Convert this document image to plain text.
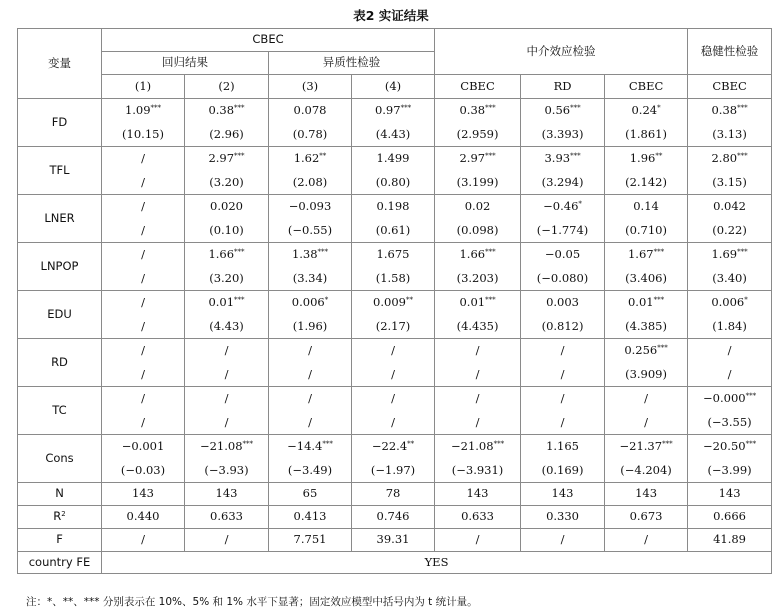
表2 实证结果
变量	CBEC				中介效应检验			稳健性检验
	回归结果		异质性检验					
	(1)	(2)	(3)	(4)	CBEC	RD	CBEC	CBEC
FD	1.09***	0.38***	0.078	0.97***	0.38***	0.56***	0.24*	0.38***
	(10.15)	(2.96)	(0.78)	(4.43)	(2.959)	(3.393)	(1.861)	(3.13)
TFL	/	2.97***	1.62**	1.499	2.97***	3.93***	1.96**	2.80***
	/	(3.20)	(2.08)	(0.80)	(3.199)	(3.294)	(2.142)	(3.15)
LNER	/	0.020	−0.093	0.198	0.02	−0.46*	0.14	0.042
	/	(0.10)	(−0.55)	(0.61)	(0.098)	(−1.774)	(0.710)	(0.22)
LNPOP	/	1.66***	1.38***	1.675	1.66***	−0.05	1.67***	1.69***
	/	(3.20)	(3.34)	(1.58)	(3.203)	(−0.080)	(3.406)	(3.40)
EDU	/	0.01***	0.006*	0.009**	0.01***	0.003	0.01***	0.006*
	/	(4.43)	(1.96)	(2.17)	(4.435)	(0.812)	(4.385)	(1.84)
RD	/	/	/	/	/	/	0.256***	/
	/	/	/	/	/	/	(3.909)	/
TC	/	/	/	/	/	/	/	−0.000***
	/	/	/	/	/	/	/	(−3.55)
Cons	−0.001	−21.08***	−14.4***	−22.4**	−21.08***	1.165	−21.37***	−20.50***
	(−0.03)	(−3.93)	(−3.49)	(−1.97)	(−3.931)	(0.169)	(−4.204)	(−3.99)
N	143	143	65	78	143	143	143	143
$R^2$	0.440	0.633	0.413	0.746	0.633	0.330	0.673	0.666
F	/	/	7.751	39.31	/	/	/	41.89
country FE	YES							
注：*、**、*** 分别表示在 10%、5% 和 1% 水平下显著；固定效应模型中括号内为 t 统计量。
